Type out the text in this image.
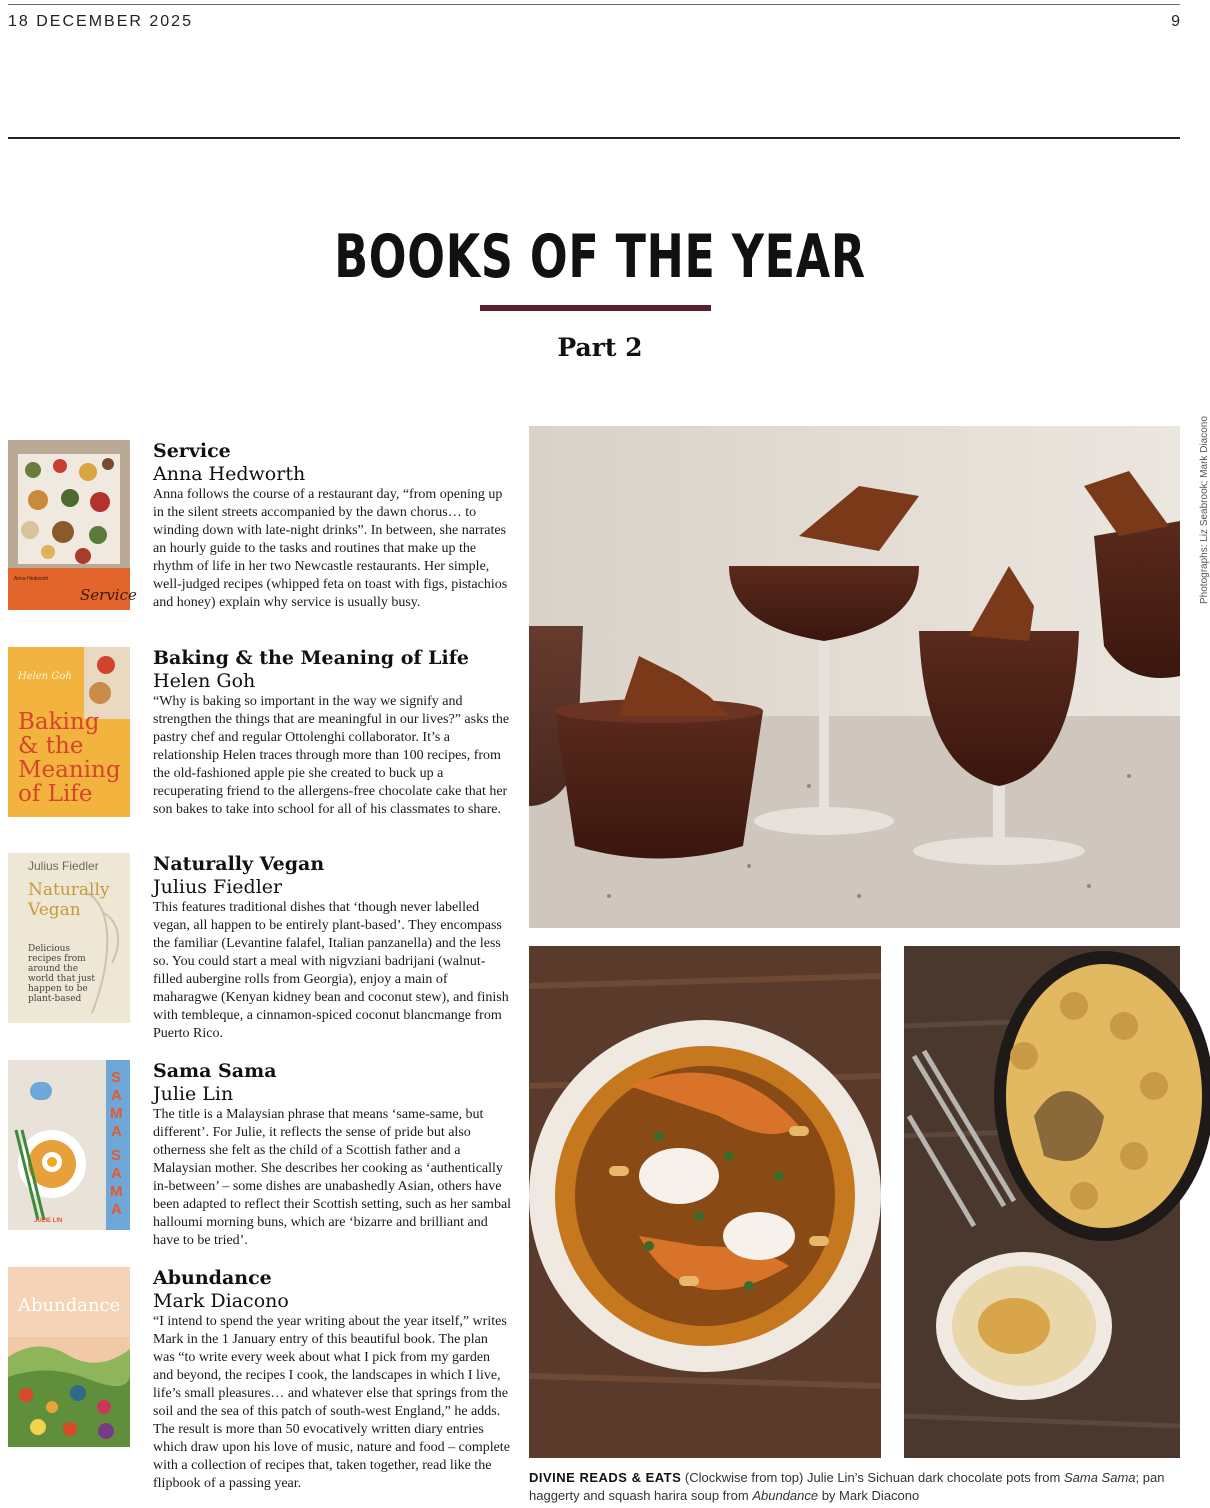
18 DECEMBER 2025	9
BOOKS OF THE YEAR
Part 2
Service
Anna Hedworth
Service
Anna Hedworth

Anna follows the course of a restaurant day, “from opening up in the silent streets accompanied by the dawn chorus… to winding down with late-night drinks”. In between, she narrates an hourly guide to the tasks and routines that make up the rhythm of life in her two Newcastle restaurants. Her simple, well-judged recipes (whipped feta on toast with figs, pistachios and honey) explain why service is usually busy.

Helen Goh
Baking
& the
Meaning
of Life
Baking & the Meaning of Life
Helen Goh

“Why is baking so important in the way we signify and strengthen the things that are meaningful in our lives?” asks the pastry chef and regular Ottolenghi collaborator. It’s a relationship Helen traces through more than 100 recipes, from the old-fashioned apple pie she created to buck up a recuperating friend to the allergens-free chocolate cake that her son bakes to take into school for all of his classmates to share.

Julius Fiedler
Naturally
Vegan
Delicious
recipes from
around the
world that just
happen to be
plant-based
Naturally Vegan
Julius Fiedler

This features traditional dishes that ‘though never labelled vegan, all happen to be entirely plant-based’. They encompass the familiar (Levantine falafel, Italian panzanella) and the less so. You could start a meal with nigvziani badrijani (walnut-filled aubergine rolls from Georgia), enjoy a main of maharagwe (Kenyan kidney bean and coconut stew), and finish with tembleque, a cinnamon-spiced coconut blancmange from Puerto Rico.

S
A
M
A
S
A
M
A
JULIE LIN
Sama Sama
Julie Lin

The title is a Malaysian phrase that means ‘same-same, but different’. For Julie, it reflects the sense of pride but also otherness she felt as the child of a Scottish father and a Malaysian mother. She describes her cooking as ‘authentically in-between’ – some dishes are unabashedly Asian, others have been adapted to reflect their Scottish setting, such as her sambal halloumi morning buns, which are ‘bizarre and brilliant and have to be tried’.

Abundance
Abundance
Mark Diacono

“I intend to spend the year writing about the year itself,” writes Mark in the 1 January entry of this beautiful book. The plan was “to write every week about what I pick from my garden and beyond, the recipes I cook, the landscapes in which I live, life’s small pleasures… and whatever else that springs from the soil and the sea of this patch of south-west England,” he adds. The result is more than 50 evocatively written diary entries which draw upon his love of music, nature and food – complete with a collection of recipes that, taken together, read like the flipbook of a passing year.

Photographs: Liz Seabrook; Mark Diacono
DIVINE READS & EATS (Clockwise from top) Julie Lin’s Sichuan dark chocolate pots from Sama Sama; pan haggerty and squash harira soup from Abundance by Mark Diacono
